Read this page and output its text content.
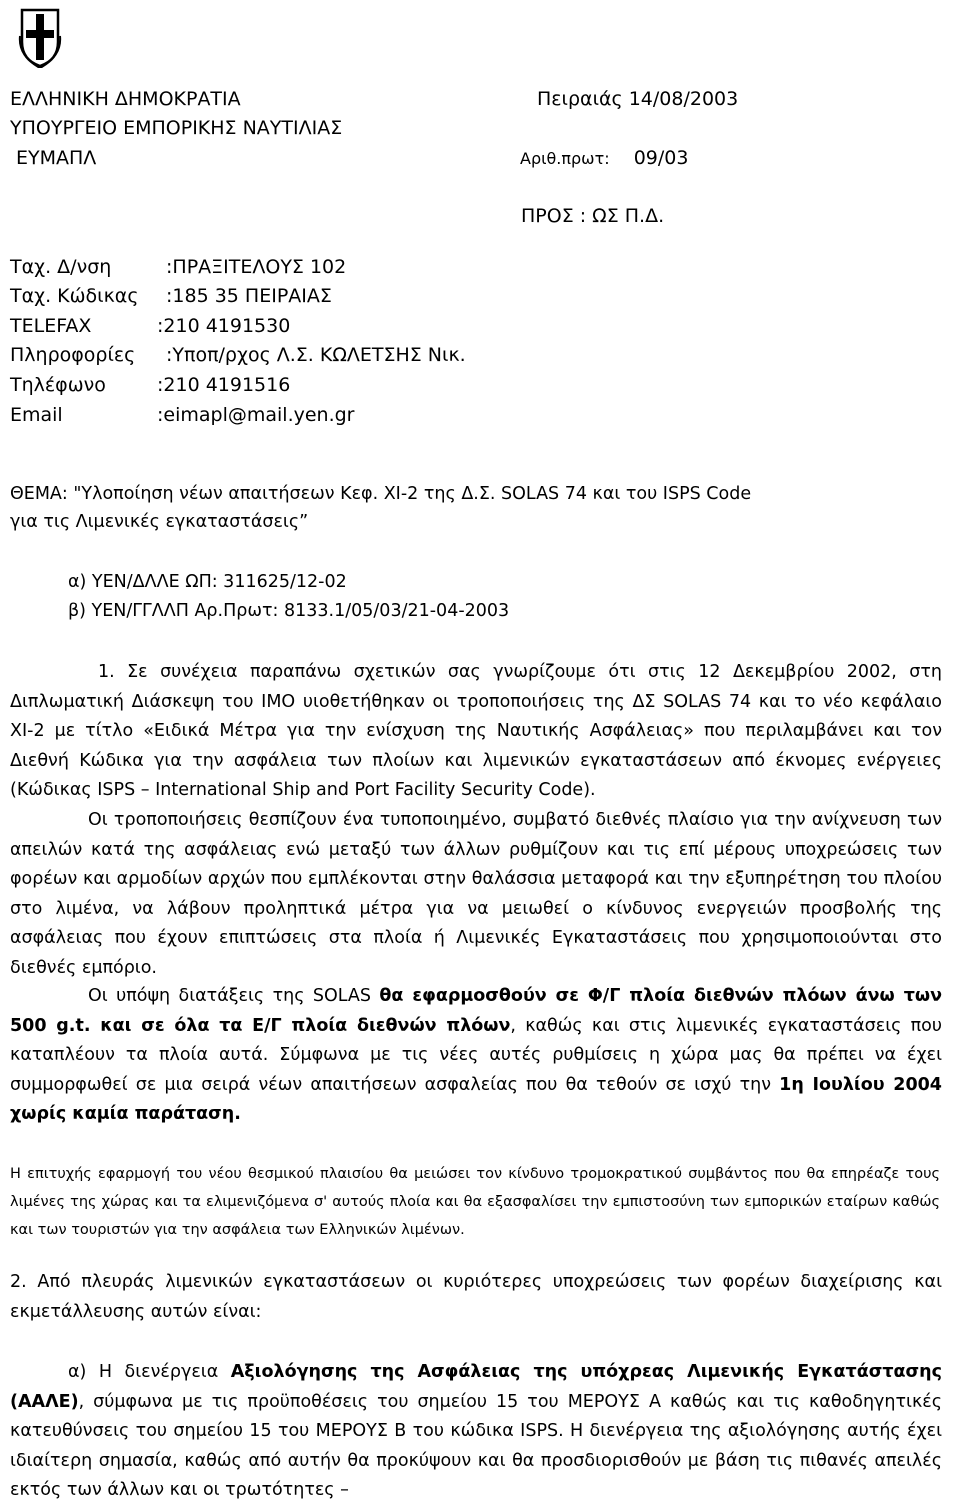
ΕΛΛΗΝΙΚΗ ΔΗΜΟΚΡΑΤΙΑ
ΥΠΟΥΡΓΕΙΟ ΕΜΠΟΡΙΚΗΣ ΝΑΥΤΙΛΙΑΣ
ΕΥΜΑΠΛ
Πειραιάς 14/08/2003
Αριθ.πρωτ: 09/03
ΠΡΟΣ : ΩΣ Π.Δ.
Ταχ. Δ/νση	:ΠΡΑΞΙΤΕΛΟΥΣ 102
Ταχ. Κώδικας :185 35 ΠΕΙΡΑΙΑΣ
TELEFAX	:210 4191530
Πληροφορίες :Υποπ/ρχος Λ.Σ. ΚΩΛΕΤΣΗΣ Νικ.
Τηλέφωνο	:210 4191516
Email	:eimapl@mail.yen.gr
ΘΕΜΑ: "Υλοποίηση νέων απαιτήσεων Κεφ. ΧΙ-2 της Δ.Σ. SOLAS 74 και του ISPS Code
για τις Λιμενικές εγκαταστάσεις”
α) ΥΕΝ/ΔΛΛΕ ΩΠ: 311625/12-02
β) ΥΕΝ/ΓΓΛΛΠ Αρ.Πρωτ: 8133.1/05/03/21-04-2003

1. Σε συνέχεια παραπάνω σχετικών σας γνωρίζουμε ότι στις 12 Δεκεμβρίου 2002, στη Διπλωματική Διάσκεψη του ΙΜΟ υιοθετήθηκαν οι τροποποιήσεις της ΔΣ SOLAS 74 και το νέο κεφάλαιο ΧΙ-2 με τίτλο «Ειδικά Μέτρα για την ενίσχυση της Ναυτικής Ασφάλειας» που περιλαμβάνει και τον Διεθνή Κώδικα για την ασφάλεια των πλοίων και λιμενικών εγκαταστάσεων από έκνομες ενέργειες (Κώδικας ISPS – International Ship and Port Facility Security Code).

Οι τροποποιήσεις θεσπίζουν ένα τυποποιημένο, συμβατό διεθνές πλαίσιο για την ανίχνευση των απειλών κατά της ασφάλειας ενώ μεταξύ των άλλων ρυθμίζουν και τις επί μέρους υποχρεώσεις των φορέων και αρμοδίων αρχών που εμπλέκονται στην θαλάσσια μεταφορά και την εξυπηρέτηση του πλοίου στο λιμένα, να λάβουν προληπτικά μέτρα για να μειωθεί ο κίνδυνος ενεργειών προσβολής της ασφάλειας που έχουν επιπτώσεις στα πλοία ή Λιμενικές Εγκαταστάσεις που χρησιμοποιούνται στο διεθνές εμπόριο.

Οι υπόψη διατάξεις της SOLAS θα εφαρμοσθούν σε Φ/Γ πλοία διεθνών πλόων άνω των 500 g.t. και σε όλα τα Ε/Γ πλοία διεθνών πλόων, καθώς και στις λιμενικές εγκαταστάσεις που καταπλέουν τα πλοία αυτά. Σύμφωνα με τις νέες αυτές ρυθμίσεις η χώρα μας θα πρέπει να έχει συμμορφωθεί σε μια σειρά νέων απαιτήσεων ασφαλείας που θα τεθούν σε ισχύ την 1η Ιουλίου 2004 χωρίς καμία παράταση.

Η επιτυχής εφαρμογή του νέου θεσμικού πλαισίου θα μειώσει τον κίνδυνο τρομοκρατικού συμβάντος που θα επηρέαζε τους λιμένες της χώρας και τα ελιμενιζόμενα σ' αυτούς πλοία και θα εξασφαλίσει την εμπιστοσύνη των εμπορικών εταίρων καθώς και των τουριστών για την ασφάλεια των Ελληνικών λιμένων.

2. Από πλευράς λιμενικών εγκαταστάσεων οι κυριότερες υποχρεώσεις των φορέων διαχείρισης και εκμετάλλευσης αυτών είναι:

α) Η διενέργεια Αξιολόγησης της Ασφάλειας της υπόχρεας Λιμενικής Εγκατάστασης (ΑΑΛΕ), σύμφωνα με τις προϋποθέσεις του σημείου 15 του ΜΕΡΟΥΣ Α καθώς και τις καθοδηγητικές κατευθύνσεις του σημείου 15 του ΜΕΡΟΥΣ Β του κώδικα ISPS. Η διενέργεια της αξιολόγησης αυτής έχει ιδιαίτερη σημασία, καθώς από αυτήν θα προκύψουν και θα προσδιορισθούν με βάση τις πιθανές απειλές εκτός των άλλων και οι τρωτότητες –
